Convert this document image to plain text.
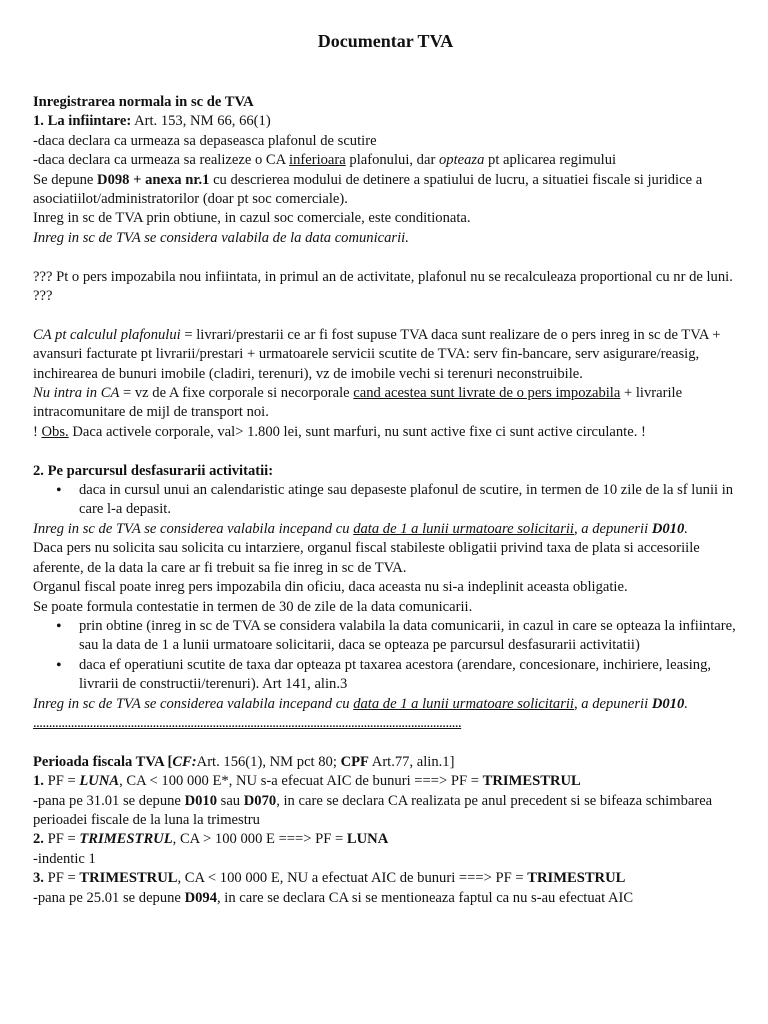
Documentar TVA

Inregistrarea normala in sc de TVA

1. La infiintare: Art. 153, NM 66, 66(1)

-daca declara ca urmeaza sa depaseasca plafonul de scutire

-daca declara ca urmeaza sa realizeze o CA inferioara plafonului, dar opteaza pt aplicarea regimului

Se depune D098 + anexa nr.1 cu descrierea modului de detinere a spatiului de lucru, a situatiei fiscale si juridice a asociatiilot/administratorilor (doar pt soc comerciale).

Inreg in sc de TVA prin obtiune, in cazul soc comerciale, este conditionata.

Inreg in sc de TVA se considera valabila de la data comunicarii.

??? Pt o pers impozabila nou infiintata, in primul an de activitate, plafonul nu se recalculeaza proportional cu nr de luni. ???

CA pt calculul plafonului = livrari/prestarii ce ar fi fost supuse TVA daca sunt realizare de o pers inreg in sc de TVA + avansuri facturate pt livrarii/prestari + urmatoarele servicii scutite de TVA: serv fin-bancare, serv asigurare/reasig, inchirearea de bunuri imobile (cladiri, terenuri), vz de imobile vechi si terenuri neconstruibile.

Nu intra in CA = vz de A fixe corporale si necorporale cand acestea sunt livrate de o pers impozabila + livrarile intracomunitare de mijl de transport noi.

! Obs. Daca activele corporale, val> 1.800 lei, sunt marfuri, nu sunt active fixe ci sunt active circulante. !

2. Pe parcursul desfasurarii activitatii:

• daca in cursul unui an calendaristic atinge sau depaseste plafonul de scutire, in termen de 10 zile de la sf lunii in care l-a depasit.

Inreg in sc de TVA se considerea valabila incepand cu data de 1 a lunii urmatoare solicitarii, a depunerii D010.

Daca pers nu solicita sau solicita cu intarziere, organul fiscal stabileste obligatii privind taxa de plata si accesoriile aferente, de la data la care ar fi trebuit sa fie inreg in sc de TVA.

Organul fiscal poate inreg pers impozabila din oficiu, daca aceasta nu si-a indeplinit aceasta obligatie.

Se poate formula contestatie in termen de 30 de zile de la data comunicarii.

• prin obtine (inreg in sc de TVA se considera valabila la data comunicarii, in cazul in care se opteaza la infiintare, sau la data de 1 a lunii urmatoare solicitarii, daca se opteaza pe parcursul desfasurarii activitatii)
• daca ef operatiuni scutite de taxa dar opteaza pt taxarea acestora (arendare, concesionare, inchiriere, leasing, livrarii de constructii/terenuri). Art 141, alin.3

Inreg in sc de TVA se considerea valabila incepand cu data de 1 a lunii urmatoare solicitarii, a depunerii D010.

........................................................................................................................................

Perioada fiscala TVA [CF:Art. 156(1), NM pct 80; CPF Art.77, alin.1]

1. PF = LUNA, CA < 100 000 E*, NU s-a efecuat AIC de bunuri ===> PF = TRIMESTRUL

-pana pe 31.01 se depune D010 sau D070, in care se declara CA realizata pe anul precedent si se bifeaza schimbarea perioadei fiscale de la luna la trimestru

2. PF = TRIMESTRUL, CA > 100 000 E ===> PF = LUNA

-indentic 1

3. PF = TRIMESTRUL, CA < 100 000 E, NU a efectuat AIC de bunuri ===> PF = TRIMESTRUL

-pana pe 25.01 se depune D094, in care se declara CA si se mentioneaza faptul ca nu s-au efectuat AIC
